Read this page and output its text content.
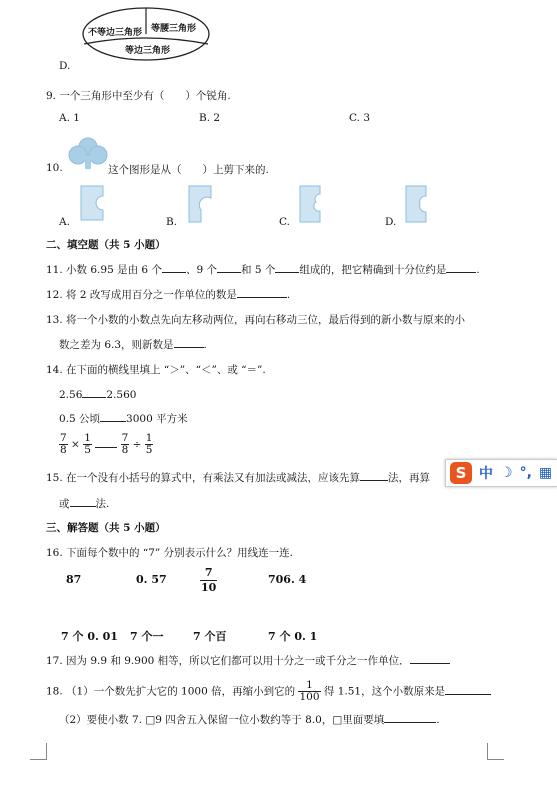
不等边三角形 等腰三角形
等边三角形
D.
9. 一个三角形中至少有（　　）个锐角.
A. 1	B. 2	C. 3
10.	这个图形是从（　　）上剪下来的.
A.	B.	C.	D.
二、填空题（共 5 小题）
11. 小数 6.95 是由 6 个 、9 个 和 5 个 组成的，把它精确到十分位约是	.
12. 将 2 改写成用百分之一作单位的数是	.
13. 将一个小数的小数点先向左移动两位，再向右移动三位，最后得到的新小数与原来的小
数之差为 6.3，则新数是	.
14. 在下面的横线里填上 “＞”、“＜”、或 “＝”.
2.56 2.560
0.5 公顷 3000 平方米
$\frac{7}{8} \times \frac{1}{5}$
	$\frac{7}{8} \div \frac{1}{5}$
15. 在一个没有小括号的算式中，有乘法又有加法或减法，应该先算	法，再算
或 法.
三、解答题（共 5 小题）
16. 下面每个数中的 “7” 分别表示什么？用线连一连.
87	0. 57	$\frac{7}{10}$	706. 4
7 个 0. 01 7 个一	7 个百	7 个 0. 1
17. 因为 9.9 和 9.900 相等，所以它们都可以用十分之一或千分之一作单位．
18. （1）一个数先扩大它的 1000 倍，再缩小到它的 $\frac{1}{100}$ 得 1.51，这个小数原来是
（2）要使小数 7. □9 四舍五入保留一位小数约等于 8.0，□里面要填	.
S 中 ☽ °, ▦
